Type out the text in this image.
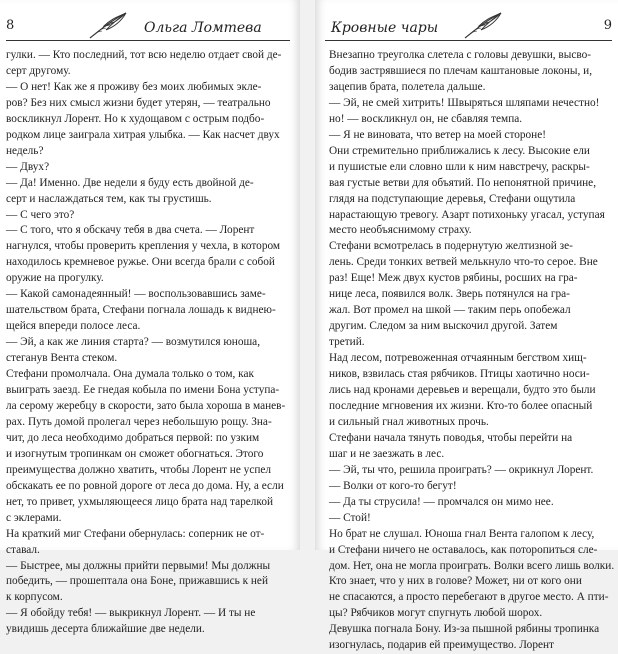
8	Ольга Ломтева
гулки. — Кто последний, тот всю неделю отдает свой де-
серт другому.
— О нет! Как же я проживу без моих любимых эклe-
ров? Без них смысл жизни будет утерян, — театрально
воскликнул Лорент. Но к худощавом с острым подбо-
родком лице заиграла хитрая улыбка. — Как насчет двух
недель?
— Двух?
— Да! Именно. Две недели я буду есть двойной де-
серт и наслаждаться тем, как ты грустишь.
— С чего это?
— С того, что я обскачу тебя в два счета. — Лорент
нагнулся, чтобы проверить крепления у чехла, в котором
находилось кремневое ружье. Они всегда брали с собой
оружие на прогулку.
— Какой самонадеянный! — воспользовавшись заме-
шательством брата, Стефани погнала лошадь к виднею-
щейся впереди полосе леса.
— Эй, а как же линия старта? — возмутился юноша,
стеганув Вента стеком.
Стефани промолчала. Она думала только о том, как
выиграть заезд. Ее гнедая кобыла по имени Бона уступа-
ла серому жеребцу в скорости, зато была хороша в манев-
рах. Путь домой пролегал через небольшую рощу. Зна-
чит, до леса необходимо добраться первой: по узким
и изогнутым тропинкам он сможет обогнаться. Этого
преимущества должно хватить, чтобы Лорент не успел
обскакать ее по ровной дороге от леса до дома. Ну, а если
нет, то привет, ухмыляющееся лицо брата над тарелкой
с эклерами.
На краткий миг Стефани обернулась: соперник не от-
ставал.
— Быстрее, мы должны прийти первыми! Мы должны
победить, — прошептала она Боне, прижавшись к ней
к корпусом.
— Я обойду тебя! — выкрикнул Лорент. — И ты не
увидишь десерта ближайшие две недели.
Кровные чары	9
Внезапно треуголка слетела с головы девушки, высво-
бодив застрявшиеся по плечам каштановые локоны, и,
зацепив брата, полетела дальше.
— Эй, не смей хитрить! Швыряться шляпами нечестно!
но! — воскликнул он, не сбавляя темпа.
— Я не виновата, что ветер на моей стороне!
Они стремительно приближались к лесу. Высокие ели
и пушистые ели словно шли к ним навстречу, раскры-
вая густые ветви для объятий. По непонятной причине,
глядя на подступающие деревья, Стефани ощутила
нарастающую тревогу. Азарт потихоньку угасал, уступая
место необъяснимому страху.
Стефани всмотрелась в подернутую желтизной зе-
лень. Среди тонких ветвей мелькнуло что-то серое. Вне
раз! Еще! Меж двух кустов рябины, росших на гра-
нице леса, появился волк. Зверь потянулся на гра-
жал. Вот промел на шкой — таким перь опобежал
другим. Следом за ним выскочил другой. Затем
третий.
Над лесом, потревоженная отчаянным бегством хищ-
ников, взвилась стая рябчиков. Птицы хаотично носи-
лись над кронами деревьев и верещали, будто это были
последние мгновения их жизни. Кто-то более опасный
и сильный гнал животных прочь.
Стефани начала тянуть поводья, чтобы перейти на
шаг и не заезжать в лес.
— Эй, ты что, решила проиграть? — окрикнул Лорент.
— Волки от кого-то бегут!
— Да ты струсила! — промчался он мимо нее.
— Стой!
Но брат не слушал. Юноша гнал Вента галопом к лесу,
и Стефани ничего не оставалось, как поторопиться сле-
дом. Нет, она не могла проиграть. Волки всего лишь волки.
Кто знает, что у них в голове? Может, ни от кого они
не спасаются, а просто перебегают в другое место. А пти-
цы? Рябчиков могут спугнуть любой шорох.
Девушка погнала Бону. Из-за пышной рябины тропинка
изогнулась, подарив ей преимущество. Лорент
